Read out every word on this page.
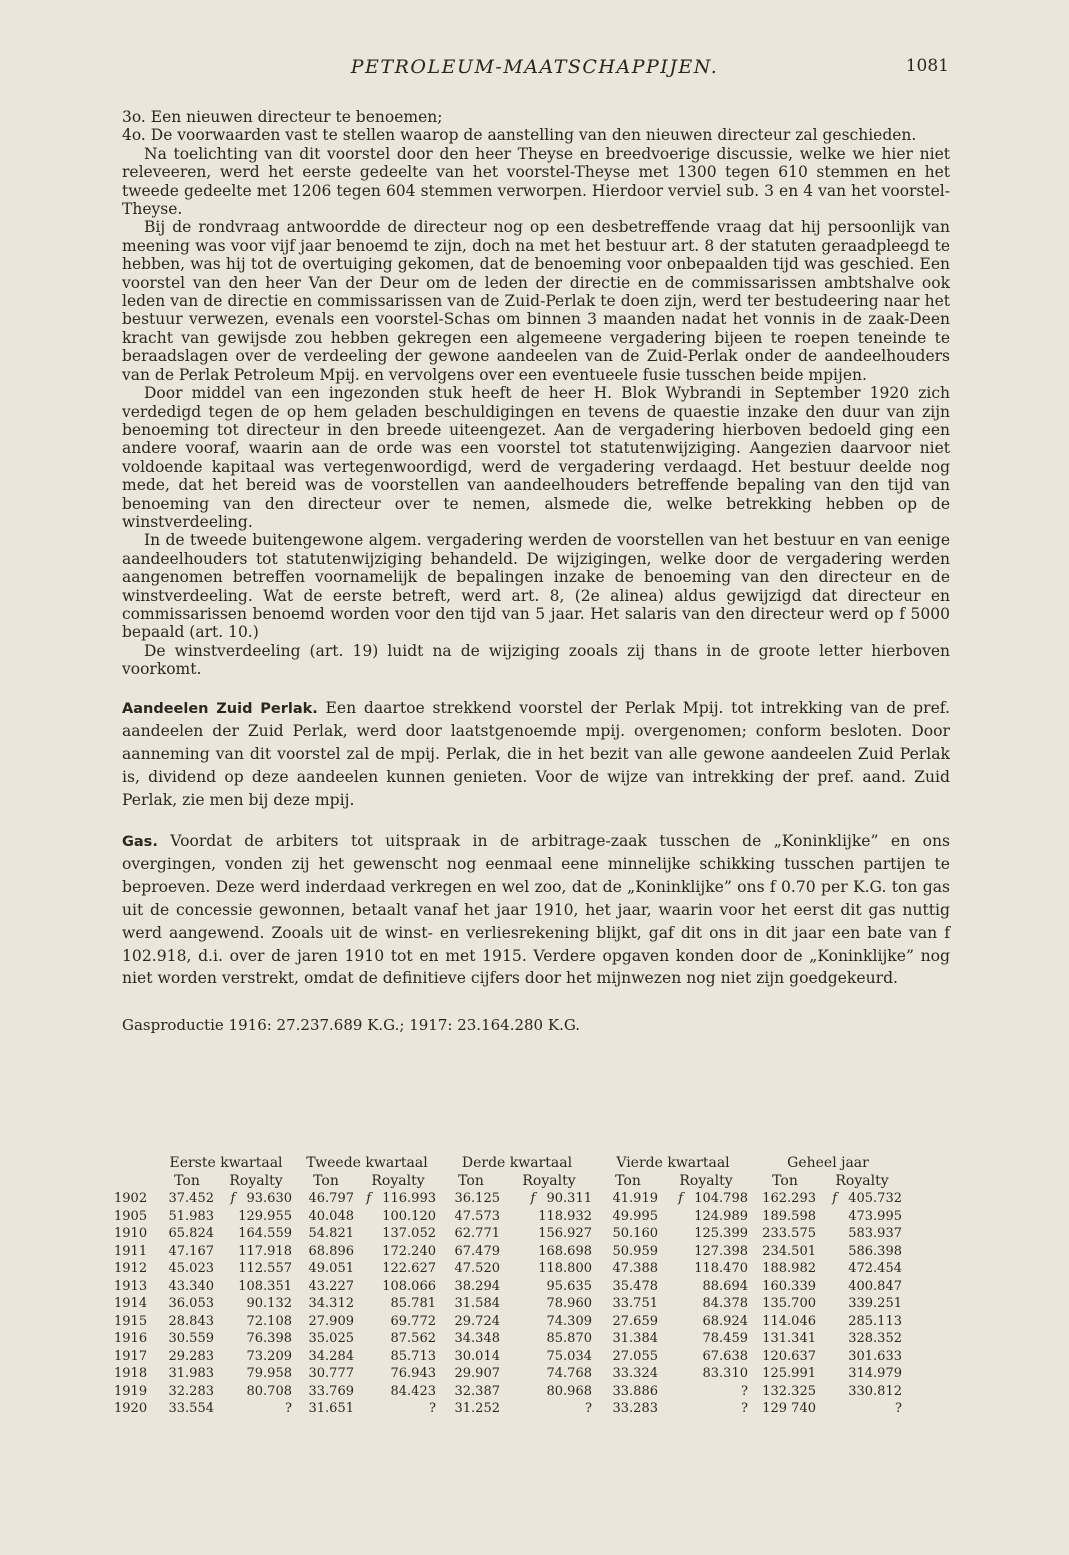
PETROLEUM-MAATSCHAPPIJEN.	1081

3o. Een nieuwen directeur te benoemen;

4o. De voorwaarden vast te stellen waarop de aanstelling van den nieuwen directeur zal geschieden.

Na toelichting van dit voorstel door den heer Theyse en breedvoerige discussie, welke we hier niet releveeren, werd het eerste gedeelte van het voorstel-Theyse met 1300 tegen 610 stemmen en het tweede gedeelte met 1206 tegen 604 stemmen verworpen. Hierdoor verviel sub. 3 en 4 van het voorstel-Theyse.

Bij de rondvraag antwoordde de directeur nog op een desbetreffende vraag dat hij persoonlijk van meening was voor vijf jaar benoemd te zijn, doch na met het bestuur art. 8 der statuten geraadpleegd te hebben, was hij tot de overtuiging gekomen, dat de benoeming voor onbepaalden tijd was geschied. Een voorstel van den heer Van der Deur om de leden der directie en de commissarissen ambtshalve ook leden van de directie en commissarissen van de Zuid-Perlak te doen zijn, werd ter bestudeering naar het bestuur verwezen, evenals een voorstel-Schas om binnen 3 maanden nadat het vonnis in de zaak-Deen kracht van gewijsde zou hebben gekregen een algemeene vergadering bijeen te roepen teneinde te beraadslagen over de verdeeling der gewone aandeelen van de Zuid-Perlak onder de aandeelhouders van de Perlak Petroleum Mpij. en vervolgens over een eventueele fusie tusschen beide mpijen.

Door middel van een ingezonden stuk heeft de heer H. Blok Wybrandi in September 1920 zich verdedigd tegen de op hem geladen beschuldigingen en tevens de quaestie inzake den duur van zijn benoeming tot directeur in den breede uiteengezet. Aan de vergadering hierboven bedoeld ging een andere vooraf, waarin aan de orde was een voorstel tot statutenwijziging. Aangezien daarvoor niet voldoende kapitaal was vertegenwoordigd, werd de vergadering verdaagd. Het bestuur deelde nog mede, dat het bereid was de voorstellen van aandeelhouders betreffende bepaling van den tijd van benoeming van den directeur over te nemen, alsmede die, welke betrekking hebben op de winstverdeeling.

In de tweede buitengewone algem. vergadering werden de voorstellen van het bestuur en van eenige aandeelhouders tot statutenwijziging behandeld. De wijzigingen, welke door de vergadering werden aangenomen betreffen voornamelijk de bepalingen inzake de benoeming van den directeur en de winstverdeeling. Wat de eerste betreft, werd art. 8, (2e alinea) aldus gewijzigd dat directeur en commissarissen benoemd worden voor den tijd van 5 jaar. Het salaris van den directeur werd op f 5000 bepaald (art. 10.)

De winstverdeeling (art. 19) luidt na de wijziging zooals zij thans in de groote letter hierboven voorkomt.

Aandeelen Zuid Perlak. Een daartoe strekkend voorstel der Perlak Mpij. tot intrekking van de pref. aandeelen der Zuid Perlak, werd door laatstgenoemde mpij. overgenomen; conform besloten. Door aanneming van dit voorstel zal de mpij. Perlak, die in het bezit van alle gewone aandeelen Zuid Perlak is, dividend op deze aandeelen kunnen genieten. Voor de wijze van intrekking der pref. aand. Zuid Perlak, zie men bij deze mpij.

Gas. Voordat de arbiters tot uitspraak in de arbitrage-zaak tusschen de „Koninklijke” en ons overgingen, vonden zij het gewenscht nog eenmaal eene minnelijke schikking tusschen partijen te beproeven. Deze werd inderdaad verkregen en wel zoo, dat de „Koninklijke” ons f 0.70 per K.G. ton gas uit de concessie gewonnen, betaalt vanaf het jaar 1910, het jaar, waarin voor het eerst dit gas nuttig werd aangewend. Zooals uit de winst- en verliesrekening blijkt, gaf dit ons in dit jaar een bate van f 102.918, d.i. over de jaren 1910 tot en met 1915. Verdere opgaven konden door de „Koninklijke” nog niet worden verstrekt, omdat de definitieve cijfers door het mijnwezen nog niet zijn goedgekeurd.

Gasproductie 1916: 27.237.689 K.G.; 1917: 23.164.280 K.G.

	Eerste kwartaal		Tweede kwartaal		Derde kwartaal		Vierde kwartaal		Geheel jaar	
	Ton	Royalty	Ton	Royalty	Ton	Royalty	Ton	Royalty	Ton	Royalty
1902	37.452	f 93.630	46.797	f 116.993	36.125	f 90.311	41.919	f 104.798	162.293	f 405.732
1905	51.983	129.955	40.048	100.120	47.573	118.932	49.995	124.989	189.598	473.995
1910	65.824	164.559	54.821	137.052	62.771	156.927	50.160	125.399	233.575	583.937
1911	47.167	117.918	68.896	172.240	67.479	168.698	50.959	127.398	234.501	586.398
1912	45.023	112.557	49.051	122.627	47.520	118.800	47.388	118.470	188.982	472.454
1913	43.340	108.351	43.227	108.066	38.294	95.635	35.478	88.694	160.339	400.847
1914	36.053	90.132	34.312	85.781	31.584	78.960	33.751	84.378	135.700	339.251
1915	28.843	72.108	27.909	69.772	29.724	74.309	27.659	68.924	114.046	285.113
1916	30.559	76.398	35.025	87.562	34.348	85.870	31.384	78.459	131.341	328.352
1917	29.283	73.209	34.284	85.713	30.014	75.034	27.055	67.638	120.637	301.633
1918	31.983	79.958	30.777	76.943	29.907	74.768	33.324	83.310	125.991	314.979
1919	32.283	80.708	33.769	84.423	32.387	80.968	33.886	?	132.325	330.812
1920	33.554	?	31.651	?	31.252	?	33.283	?	129 740	?
